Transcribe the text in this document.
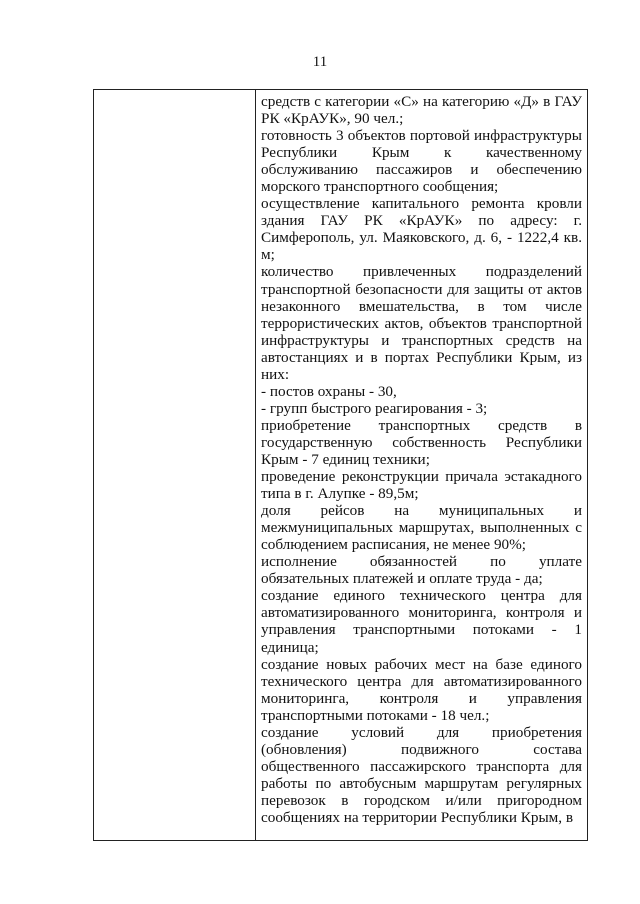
11

средств с категории «С» на категорию «Д» в ГАУ РК «КрАУК», 90 чел.;

готовность 3 объектов портовой инфраструктуры Республики Крым к качественному обслуживанию пассажиров и обеспечению морского транспортного сообщения;

осуществление капитального ремонта кровли здания ГАУ РК «КрАУК» по адресу: г. Симферополь, ул. Маяковского, д. 6, - 1222,4 кв. м;

количество привлеченных подразделений транспортной безопасности для защиты от актов незаконного вмешательства, в том числе террористических актов, объектов транспортной инфраструктуры и транспортных средств на автостанциях и в портах Республики Крым, из них:

- постов охраны - 30,

- групп быстрого реагирования - 3;

приобретение транспортных средств в государственную собственность Республики Крым - 7 единиц техники;

проведение реконструкции причала эстакадного типа в г. Алупке - 89,5м;

доля рейсов на муниципальных и межмуниципальных маршрутах, выполненных с соблюдением расписания, не менее 90%;

исполнение обязанностей по уплате обязательных платежей и оплате труда - да;

создание единого технического центра для автоматизированного мониторинга, контроля и управления транспортными потоками - 1 единица;

создание новых рабочих мест на базе единого технического центра для автоматизированного мониторинга, контроля и управления транспортными потоками - 18 чел.;

создание условий для приобретения (обновления) подвижного состава общественного пассажирского транспорта для работы по автобусным маршрутам регулярных перевозок в городском и/или пригородном сообщениях на территории Республики Крым, в
